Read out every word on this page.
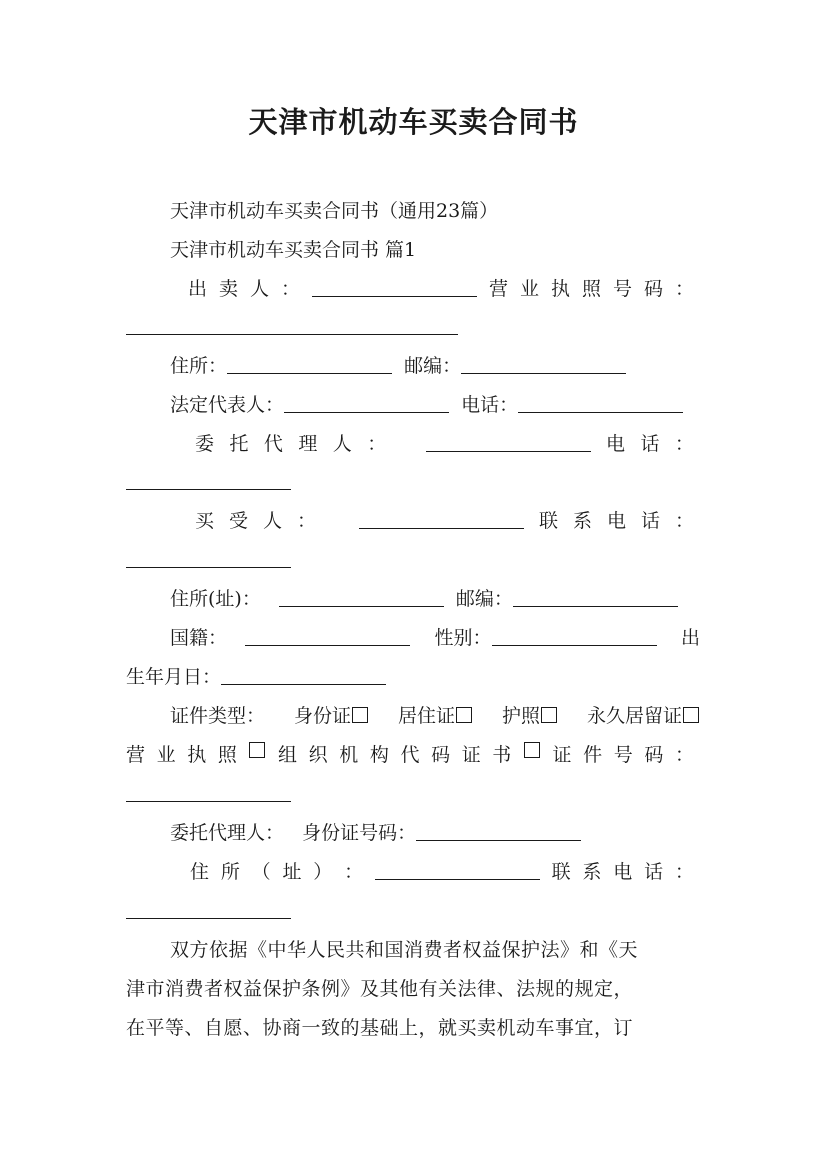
天津市机动车买卖合同书
天津市机动车买卖合同书（通用23篇）
天津市机动车买卖合同书 篇1
出 卖 人 ：	营 业 执 照 号 码 ：
住所：	邮编：
法定代表人：	电话：
委 托 代 理 人 ：	电 话 ：
买 受 人 ：	联 系 电 话 ：
住所(址)：	邮编：
国籍：	性别：	出
生年月日：
证件类型： 身份证	居住证	护照	永久居留证
营 业 执 照 组 织 机 构 代 码 证 书 证 件 号 码 ：
委托代理人： 身份证号码：
住 所 （ 址 ） ：	联 系 电 话 ：
双方依据《中华人民共和国消费者权益保护法》和《天
津市消费者权益保护条例》及其他有关法律、法规的规定，
在平等、自愿、协商一致的基础上，就买卖机动车事宜，订
